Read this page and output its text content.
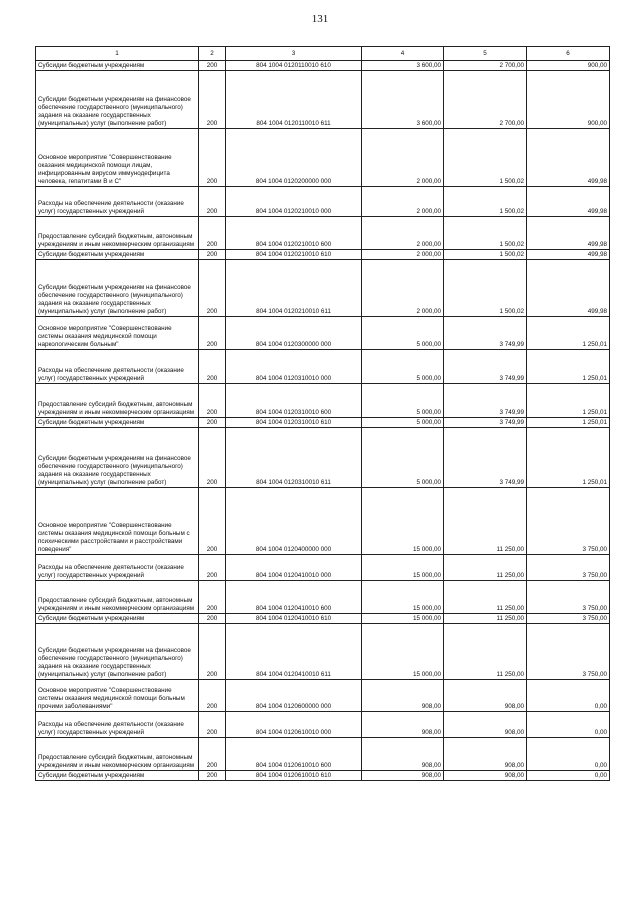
131
1	2	3	4	5	6
Субсидии бюджетным учреждениям	200	804 1004 0120110010 610	3 600,00	2 700,00	900,00
Субсидии бюджетным учреждениям на финансовое обеспечение государственного (муниципального) задания на оказание государственных (муниципальных) услуг (выполнение работ)	200	804 1004 0120110010 611	3 600,00	2 700,00	900,00
Основное мероприятие "Совершенствование оказания медицинской помощи лицам, инфицированным вирусом иммунодефицита человека, гепатитами В и С"	200	804 1004 0120200000 000	2 000,00	1 500,02	499,98
Расходы на обеспечение деятельности (оказание услуг) государственных учреждений	200	804 1004 0120210010 000	2 000,00	1 500,02	499,98
Предоставление субсидий бюджетным, автономным учреждениям и иным некоммерческим организациям	200	804 1004 0120210010 600	2 000,00	1 500,02	499,98
Субсидии бюджетным учреждениям	200	804 1004 0120210010 610	2 000,00	1 500,02	499,98
Субсидии бюджетным учреждениям на финансовое обеспечение государственного (муниципального) задания на оказание государственных (муниципальных) услуг (выполнение работ)	200	804 1004 0120210010 611	2 000,00	1 500,02	499,98
Основное мероприятие "Совершенствование системы оказания медицинской помощи наркологическим больным"	200	804 1004 0120300000 000	5 000,00	3 749,99	1 250,01
Расходы на обеспечение деятельности (оказание услуг) государственных учреждений	200	804 1004 0120310010 000	5 000,00	3 749,99	1 250,01
Предоставление субсидий бюджетным, автономным учреждениям и иным некоммерческим организациям	200	804 1004 0120310010 600	5 000,00	3 749,99	1 250,01
Субсидии бюджетным учреждениям	200	804 1004 0120310010 610	5 000,00	3 749,99	1 250,01
Субсидии бюджетным учреждениям на финансовое обеспечение государственного (муниципального) задания на оказание государственных (муниципальных) услуг (выполнение работ)	200	804 1004 0120310010 611	5 000,00	3 749,99	1 250,01
Основное мероприятие "Совершенствование системы оказания медицинской помощи больным с психическими расстройствами и расстройствами поведения"	200	804 1004 0120400000 000	15 000,00	11 250,00	3 750,00
Расходы на обеспечение деятельности (оказание услуг) государственных учреждений	200	804 1004 0120410010 000	15 000,00	11 250,00	3 750,00
Предоставление субсидий бюджетным, автономным учреждениям и иным некоммерческим организациям	200	804 1004 0120410010 600	15 000,00	11 250,00	3 750,00
Субсидии бюджетным учреждениям	200	804 1004 0120410010 610	15 000,00	11 250,00	3 750,00
Субсидии бюджетным учреждениям на финансовое обеспечение государственного (муниципального) задания на оказание государственных (муниципальных) услуг (выполнение работ)	200	804 1004 0120410010 611	15 000,00	11 250,00	3 750,00
Основное мероприятие "Совершенствование системы оказания медицинской помощи больным прочими заболеваниями"	200	804 1004 0120600000 000	908,00	908,00	0,00
Расходы на обеспечение деятельности (оказание услуг) государственных учреждений	200	804 1004 0120610010 000	908,00	908,00	0,00
Предоставление субсидий бюджетным, автономным учреждениям и иным некоммерческим организациям	200	804 1004 0120610010 600	908,00	908,00	0,00
Субсидии бюджетным учреждениям	200	804 1004 0120610010 610	908,00	908,00	0,00
